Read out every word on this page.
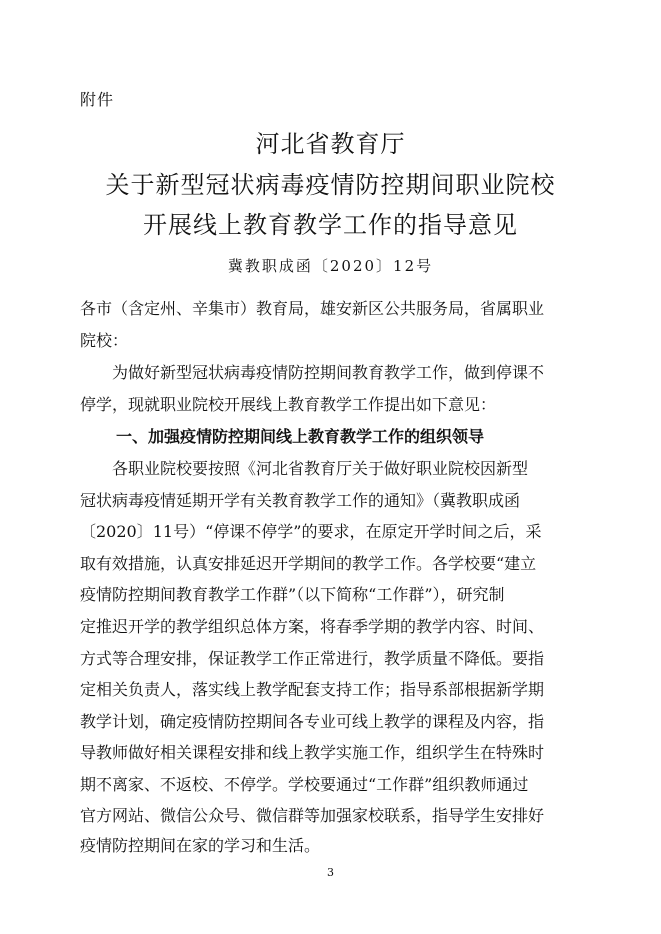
附件
河北省教育厅
关于新型冠状病毒疫情防控期间职业院校
开展线上教育教学工作的指导意见
冀教职成函〔2020〕12号
各市（含定州、辛集市）教育局，雄安新区公共服务局，省属职业
院校：
为做好新型冠状病毒疫情防控期间教育教学工作，做到停课不
停学，现就职业院校开展线上教育教学工作提出如下意见：
一、加强疫情防控期间线上教育教学工作的组织领导
各职业院校要按照《河北省教育厅关于做好职业院校因新型
冠状病毒疫情延期开学有关教育教学工作的通知》（冀教职成函
〔2020〕11号）“停课不停学”的要求，在原定开学时间之后，采
取有效措施，认真安排延迟开学期间的教学工作。各学校要“建立
疫情防控期间教育教学工作群”（以下简称“工作群”），研究制
定推迟开学的教学组织总体方案，将春季学期的教学内容、时间、
方式等合理安排，保证教学工作正常进行，教学质量不降低。要指
定相关负责人，落实线上教学配套支持工作；指导系部根据新学期
教学计划，确定疫情防控期间各专业可线上教学的课程及内容，指
导教师做好相关课程安排和线上教学实施工作，组织学生在特殊时
期不离家、不返校、不停学。学校要通过“工作群”组织教师通过
官方网站、微信公众号、微信群等加强家校联系，指导学生安排好
疫情防控期间在家的学习和生活。
3
